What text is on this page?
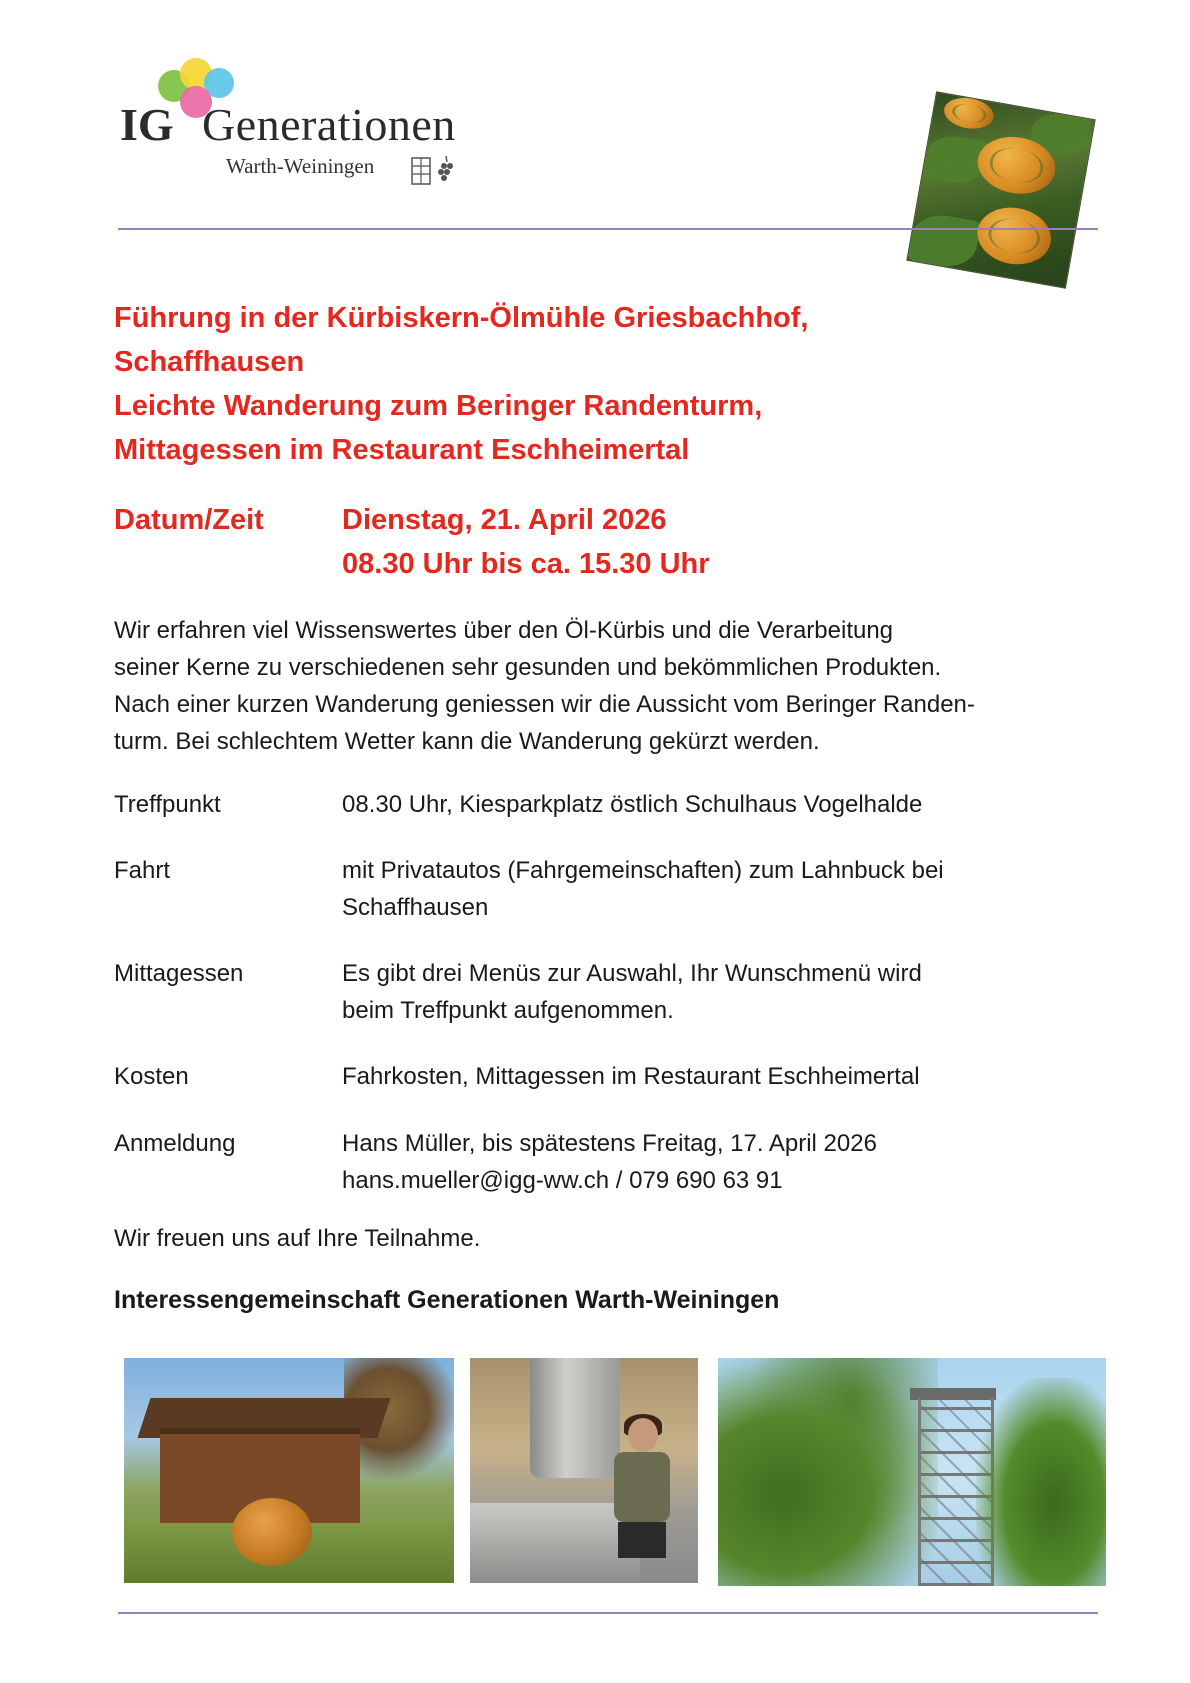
IG Generationen
Warth-Weiningen
Führung in der Kürbiskern-Ölmühle Griesbachhof,
Schaffhausen
Leichte Wanderung zum Beringer Randenturm,
Mittagessen im Restaurant Eschheimertal
Datum/Zeit	Dienstag, 21. April 2026
08.30 Uhr bis ca. 15.30 Uhr
Wir erfahren viel Wissenswertes über den Öl-Kürbis und die Verarbeitung
seiner Kerne zu verschiedenen sehr gesunden und bekömmlichen Produkten.
Nach einer kurzen Wanderung geniessen wir die Aussicht vom Beringer Randen-
turm. Bei schlechtem Wetter kann die Wanderung gekürzt werden.
Treffpunkt	08.30 Uhr, Kiesparkplatz östlich Schulhaus Vogelhalde
Fahrt	mit Privatautos (Fahrgemeinschaften) zum Lahnbuck bei
Schaffhausen
Mittagessen	Es gibt drei Menüs zur Auswahl, Ihr Wunschmenü wird
beim Treffpunkt aufgenommen.
Kosten	Fahrkosten, Mittagessen im Restaurant Eschheimertal
Anmeldung	Hans Müller, bis spätestens Freitag, 17. April 2026
hans.mueller@igg-ww.ch / 079 690 63 91
Wir freuen uns auf Ihre Teilnahme.
Interessengemeinschaft Generationen Warth-Weiningen
